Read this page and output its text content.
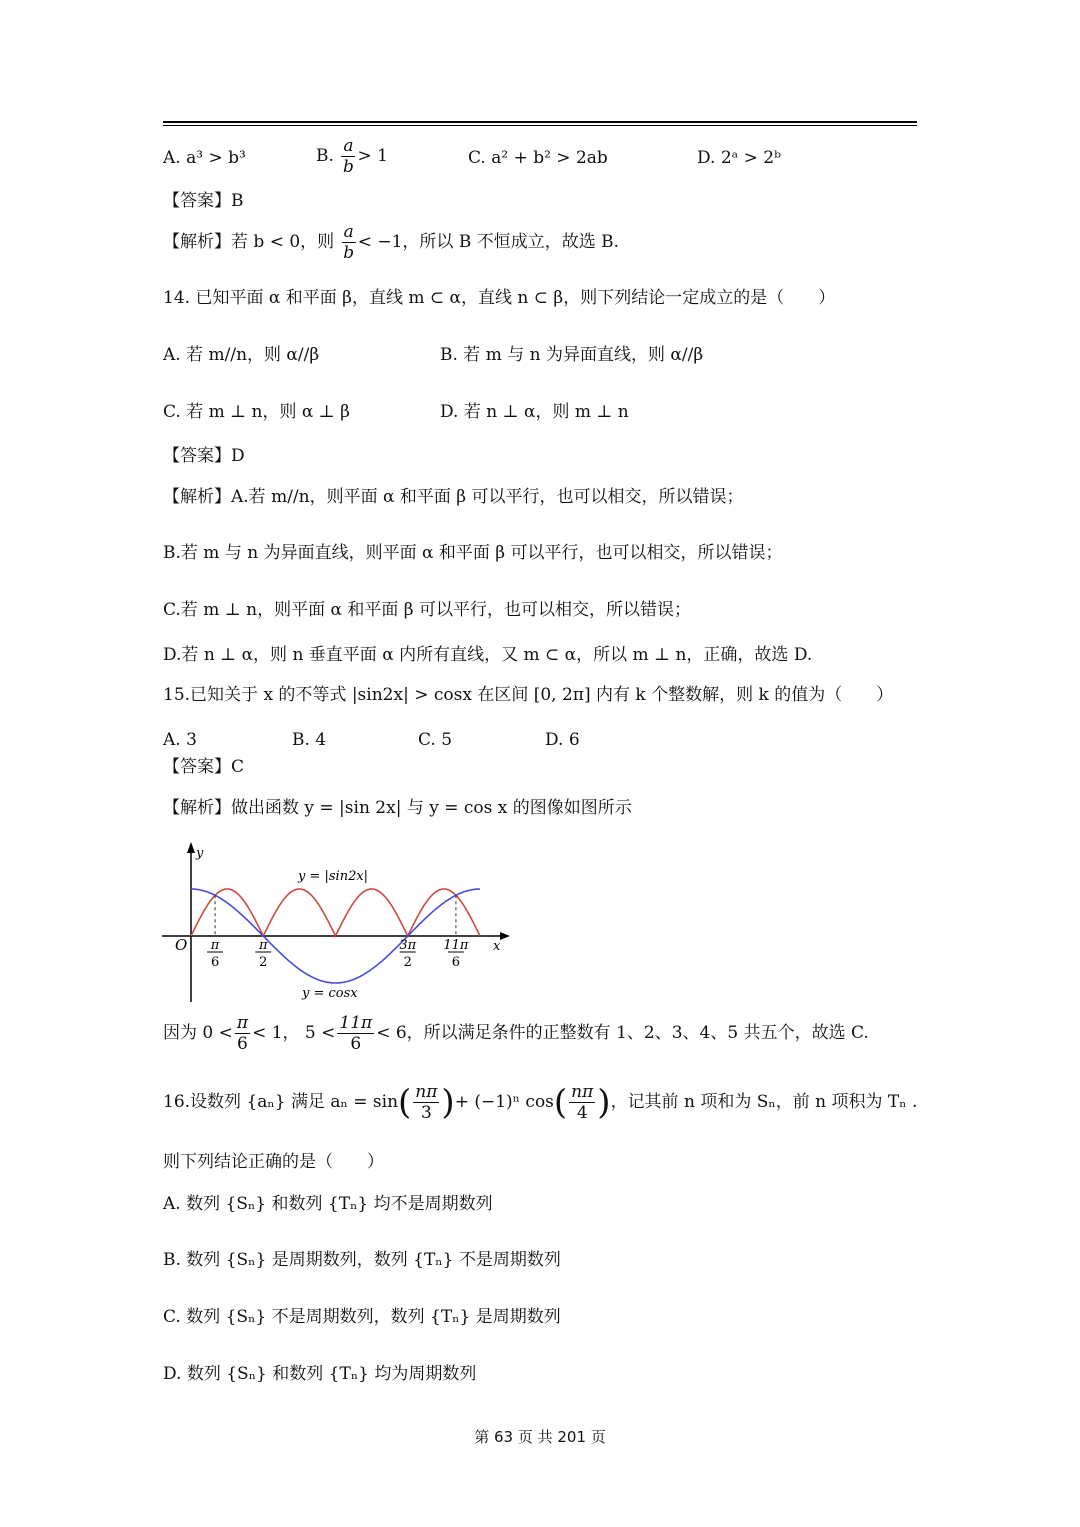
A. a³ > b³	B. $\frac{a}{b} > 1$	C. a² + b² > 2ab	D. 2ᵃ > 2ᵇ
【答案】B
【解析】若 b < 0，则 $\frac{a}{b} < -1$，所以 B 不恒成立，故选 B.
14. 已知平面 α 和平面 β，直线 m ⊂ α，直线 n ⊂ β，则下列结论一定成立的是（　　）
A. 若 m//n，则 α//β	B. 若 m 与 n 为异面直线，则 α//β
C. 若 m ⊥ n，则 α ⊥ β	D. 若 n ⊥ α，则 m ⊥ n
【答案】D
【解析】A.若 m//n，则平面 α 和平面 β 可以平行，也可以相交，所以错误；
B.若 m 与 n 为异面直线，则平面 α 和平面 β 可以平行，也可以相交，所以错误；
C.若 m ⊥ n，则平面 α 和平面 β 可以平行，也可以相交，所以错误；
D.若 n ⊥ α，则 n 垂直平面 α 内所有直线，又 m ⊂ α，所以 m ⊥ n，正确，故选 D.
15.已知关于 x 的不等式 |sin2x| > cosx 在区间 [0, 2π] 内有 k 个整数解，则 k 的值为（　　）
A. 3	B. 4	C. 5	D. 6
【答案】C
【解析】做出函数 y = |sin 2x| 与 y = cos x 的图像如图所示
y
x
O
y = |sin2x|
y = cosx
π
6
π
2
3π
2
11π
6
因为 $0 < \frac{\pi}{6} < 1$， $5 < \frac{11\pi}{6} < 6$，所以满足条件的正整数有 1、2、3、4、5 共五个，故选 C.
16.设数列 {aₙ} 满足 $a_n = \sin( \frac{n\pi}{3}$ )+ (−1)ⁿ $\cos( \frac{n\pi}{4}$ )，记其前 n 项和为 Sₙ，前 n 项积为 Tₙ .
则下列结论正确的是（　　）
A. 数列 {Sₙ} 和数列 {Tₙ} 均不是周期数列
B. 数列 {Sₙ} 是周期数列，数列 {Tₙ} 不是周期数列
C. 数列 {Sₙ} 不是周期数列，数列 {Tₙ} 是周期数列
D. 数列 {Sₙ} 和数列 {Tₙ} 均为周期数列
第 63 页 共 201 页
